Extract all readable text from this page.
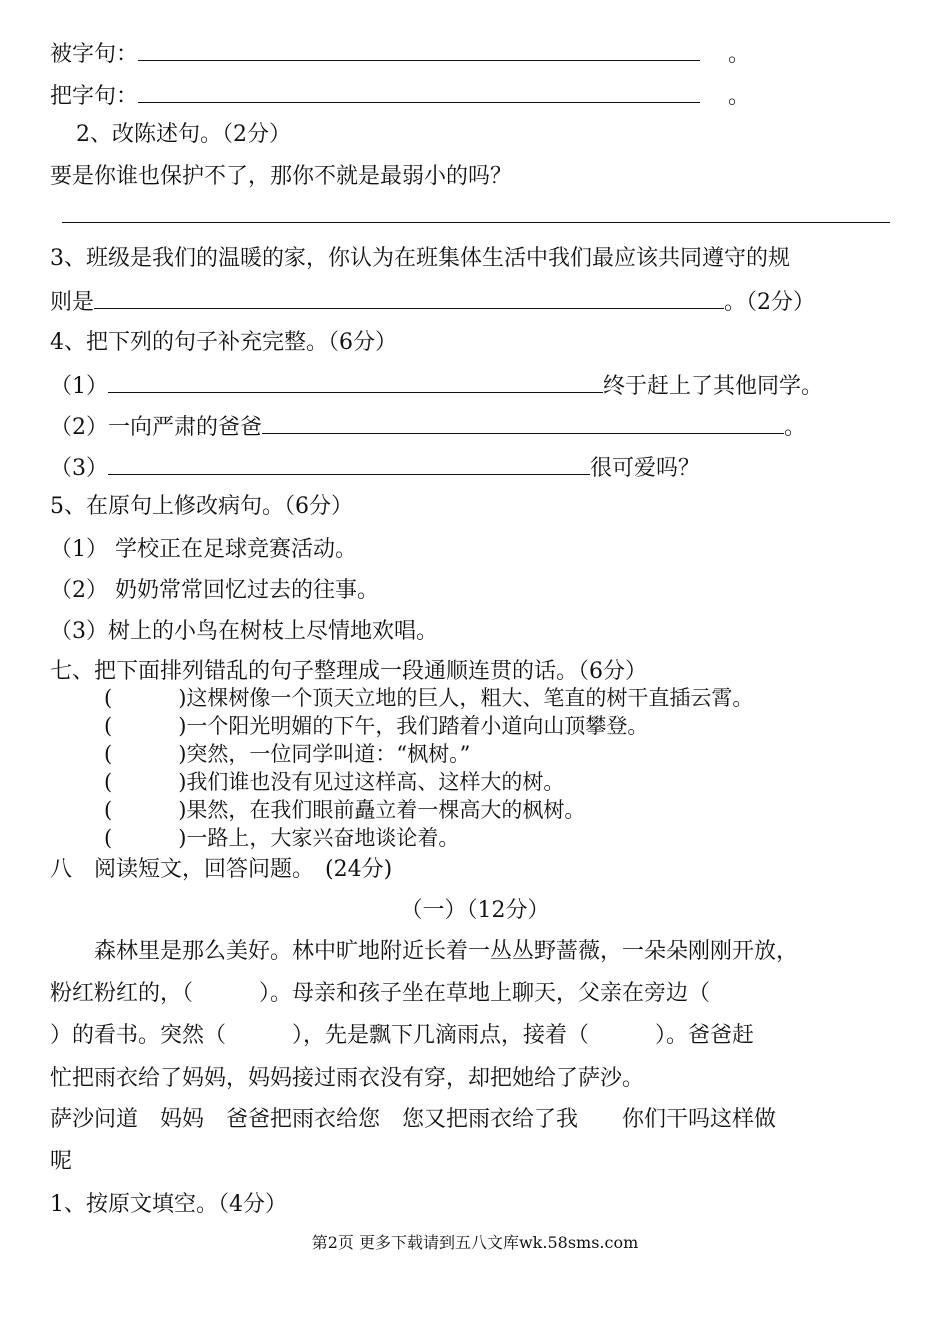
被字句：	。
把字句：	。
2、改陈述句。（2分）
要是你谁也保护不了，那你不就是最弱小的吗？
3、班级是我们的温暖的家，你认为在班集体生活中我们最应该共同遵守的规
则是	。（2分）
4、把下列的句子补充完整。（6分）
（1）	终于赶上了其他同学。
（2）一向严肃的爸爸	。
（3）	很可爱吗？
5、在原句上修改病句。（6分）
（1） 学校正在足球竞赛活动。
（2） 奶奶常常回忆过去的往事。
（3）树上的小鸟在树枝上尽情地欢唱。
七、把下面排列错乱的句子整理成一段通顺连贯的话。（6分）
(	)这棵树像一个顶天立地的巨人，粗大、笔直的树干直插云霄。
(	)一个阳光明媚的下午，我们踏着小道向山顶攀登。
(	)突然，一位同学叫道：“枫树。”
(	)我们谁也没有见过这样高、这样大的树。
(	)果然，在我们眼前矗立着一棵高大的枫树。
(	)一路上，大家兴奋地谈论着。
八　阅读短文，回答问题。　(24分)
（一）（12分）
　　森林里是那么美好。林中旷地附近长着一丛丛野蔷薇，一朵朵刚刚开放，
粉红粉红的，（　　　）。母亲和孩子坐在草地上聊天，父亲在旁边（
）的看书。突然（　　　），先是飘下几滴雨点，接着（　　　）。爸爸赶
忙把雨衣给了妈妈，妈妈接过雨衣没有穿，却把她给了萨沙。
萨沙问道　妈妈　爸爸把雨衣给您　您又把雨衣给了我　　你们干吗这样做
呢
1、按原文填空。（4分）
第2页 更多下载请到五八文库wk.58sms.com
